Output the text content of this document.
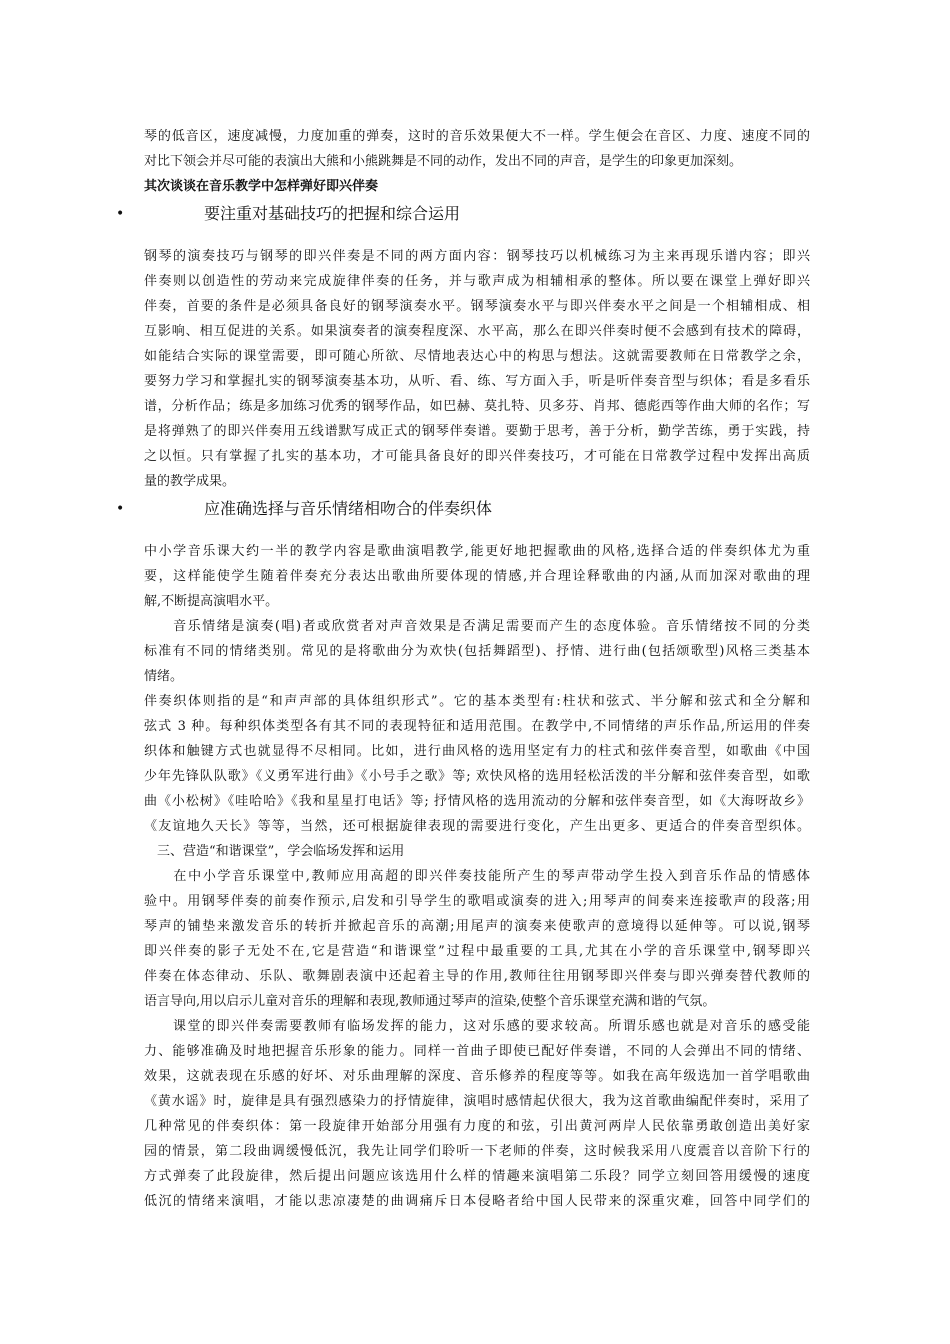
琴的低音区，速度减慢，力度加重的弹奏，这时的音乐效果便大不一样。学生便会在音区、力度、速度不同的
对比下领会并尽可能的表演出大熊和小熊跳舞是不同的动作，发出不同的声音，是学生的印象更加深刻。
其次谈谈在音乐教学中怎样弹好即兴伴奏
•	要注重对基础技巧的把握和综合运用
钢琴的演奏技巧与钢琴的即兴伴奏是不同的两方面内容：钢琴技巧以机械练习为主来再现乐谱内容；即兴
伴奏则以创造性的劳动来完成旋律伴奏的任务，并与歌声成为相辅相承的整体。所以要在课堂上弹好即兴
伴奏，首要的条件是必须具备良好的钢琴演奏水平。钢琴演奏水平与即兴伴奏水平之间是一个相辅相成、相
互影响、相互促进的关系。如果演奏者的演奏程度深、水平高，那么在即兴伴奏时便不会感到有技术的障碍，
如能结合实际的课堂需要，即可随心所欲、尽情地表达心中的构思与想法。这就需要教师在日常教学之余，
要努力学习和掌握扎实的钢琴演奏基本功，从听、看、练、写方面入手，听是听伴奏音型与织体；看是多看乐
谱，分析作品；练是多加练习优秀的钢琴作品，如巴赫、莫扎特、贝多芬、肖邦、德彪西等作曲大师的名作；写
是将弹熟了的即兴伴奏用五线谱默写成正式的钢琴伴奏谱。要勤于思考，善于分析，勤学苦练，勇于实践，持
之以恒。只有掌握了扎实的基本功，才可能具备良好的即兴伴奏技巧，才可能在日常教学过程中发挥出高质
量的教学成果。
•	应准确选择与音乐情绪相吻合的伴奏织体
中小学音乐课大约一半的教学内容是歌曲演唱教学,能更好地把握歌曲的风格,选择合适的伴奏织体尤为重
要，这样能使学生随着伴奏充分表达出歌曲所要体现的情感,并合理诠释歌曲的内涵,从而加深对歌曲的理
解,不断提高演唱水平。
　　音乐情绪是演奏(唱)者或欣赏者对声音效果是否满足需要而产生的态度体验。音乐情绪按不同的分类
标准有不同的情绪类别。常见的是将歌曲分为欢快(包括舞蹈型)、抒情、进行曲(包括颂歌型)风格三类基本
情绪。
伴奏织体则指的是“和声声部的具体组织形式”。它的基本类型有:柱状和弦式、半分解和弦式和全分解和
弦式 3 种。每种织体类型各有其不同的表现特征和适用范围。在教学中,不同情绪的声乐作品,所运用的伴奏
织体和触键方式也就显得不尽相同。比如，进行曲风格的选用坚定有力的柱式和弦伴奏音型，如歌曲《中国
少年先锋队队歌》《义勇军进行曲》《小号手之歌》等; 欢快风格的选用轻松活泼的半分解和弦伴奏音型，如歌
曲《小松树》《哇哈哈》《我和星星打电话》等; 抒情风格的选用流动的分解和弦伴奏音型，如《大海呀故乡》
《友谊地久天长》等等，当然，还可根据旋律表现的需要进行变化，产生出更多、更适合的伴奏音型织体。
　三、营造“和谐课堂”，学会临场发挥和运用
　　在中小学音乐课堂中,教师应用高超的即兴伴奏技能所产生的琴声带动学生投入到音乐作品的情感体
验中。用钢琴伴奏的前奏作预示,启发和引导学生的歌唱或演奏的进入;用琴声的间奏来连接歌声的段落;用
琴声的铺垫来激发音乐的转折并掀起音乐的高潮;用尾声的演奏来使歌声的意境得以延伸等。可以说,钢琴
即兴伴奏的影子无处不在,它是营造“和谐课堂”过程中最重要的工具,尤其在小学的音乐课堂中,钢琴即兴
伴奏在体态律动、乐队、歌舞剧表演中还起着主导的作用,教师往往用钢琴即兴伴奏与即兴弹奏替代教师的
语言导向,用以启示儿童对音乐的理解和表现,教师通过琴声的渲染,使整个音乐课堂充满和谐的气氛。
　　课堂的即兴伴奏需要教师有临场发挥的能力，这对乐感的要求较高。所谓乐感也就是对音乐的感受能
力、能够准确及时地把握音乐形象的能力。同样一首曲子即使已配好伴奏谱，不同的人会弹出不同的情绪、
效果，这就表现在乐感的好坏、对乐曲理解的深度、音乐修养的程度等等。如我在高年级选加一首学唱歌曲
《黄水谣》时，旋律是具有强烈感染力的抒情旋律，演唱时感情起伏很大，我为这首歌曲编配伴奏时，采用了
几种常见的伴奏织体：第一段旋律开始部分用强有力度的和弦，引出黄河两岸人民依靠勇敢创造出美好家
园的情景，第二段曲调缓慢低沉，我先让同学们聆听一下老师的伴奏，这时候我采用八度震音以音阶下行的
方式弹奏了此段旋律，然后提出问题应该选用什么样的情趣来演唱第二乐段？同学立刻回答用缓慢的速度
低沉的情绪来演唱，才能以悲凉凄楚的曲调痛斥日本侵略者给中国人民带来的深重灾难，回答中同学们的
